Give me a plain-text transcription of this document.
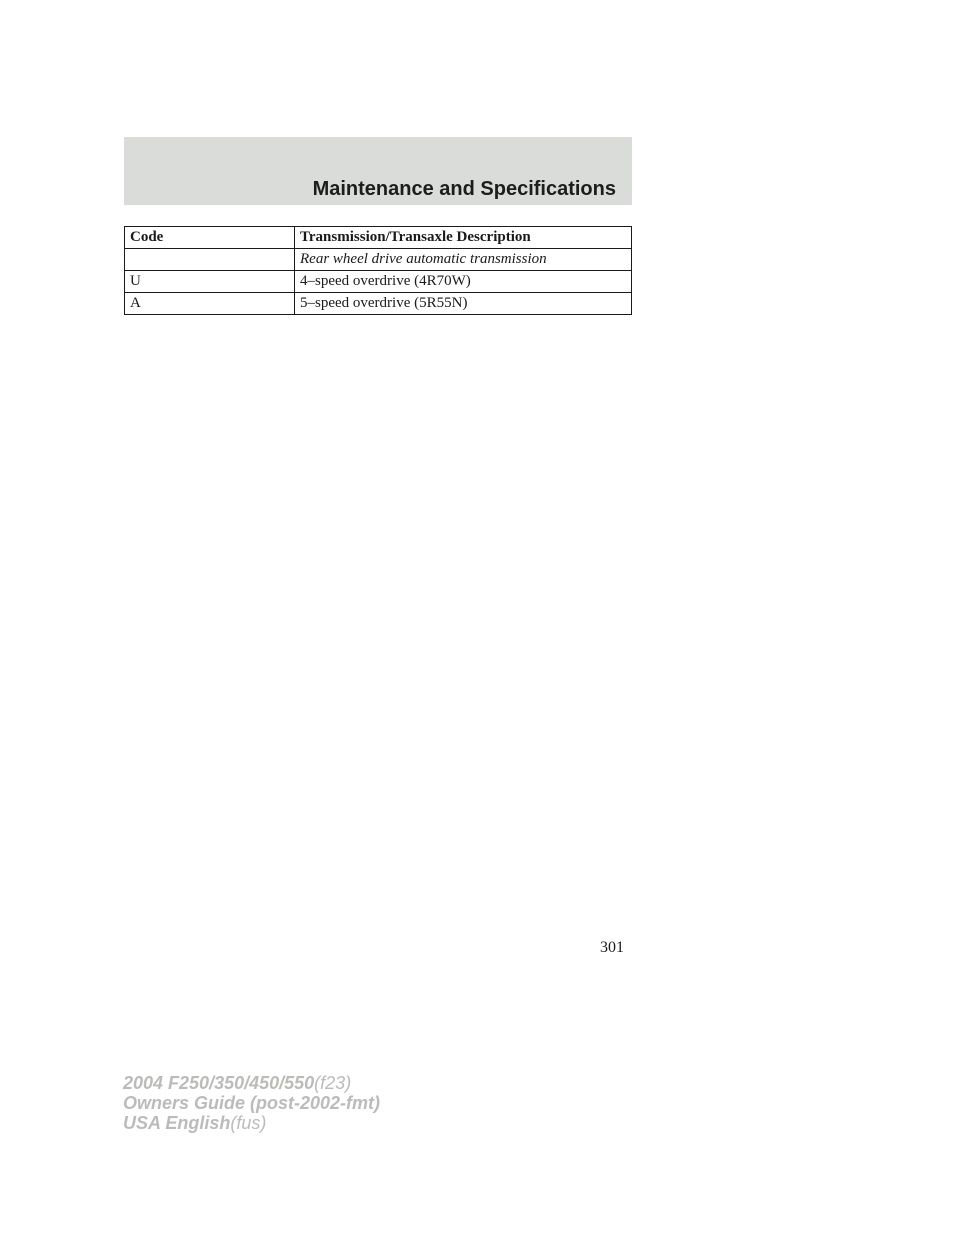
Maintenance and Specifications
Code	Transmission/Transaxle Description
	Rear wheel drive automatic transmission
U	4–speed overdrive (4R70W)
A	5–speed overdrive (5R55N)
301
2004 F250/350/450/550(f23)
Owners Guide (post-2002-fmt)
USA English(fus)
